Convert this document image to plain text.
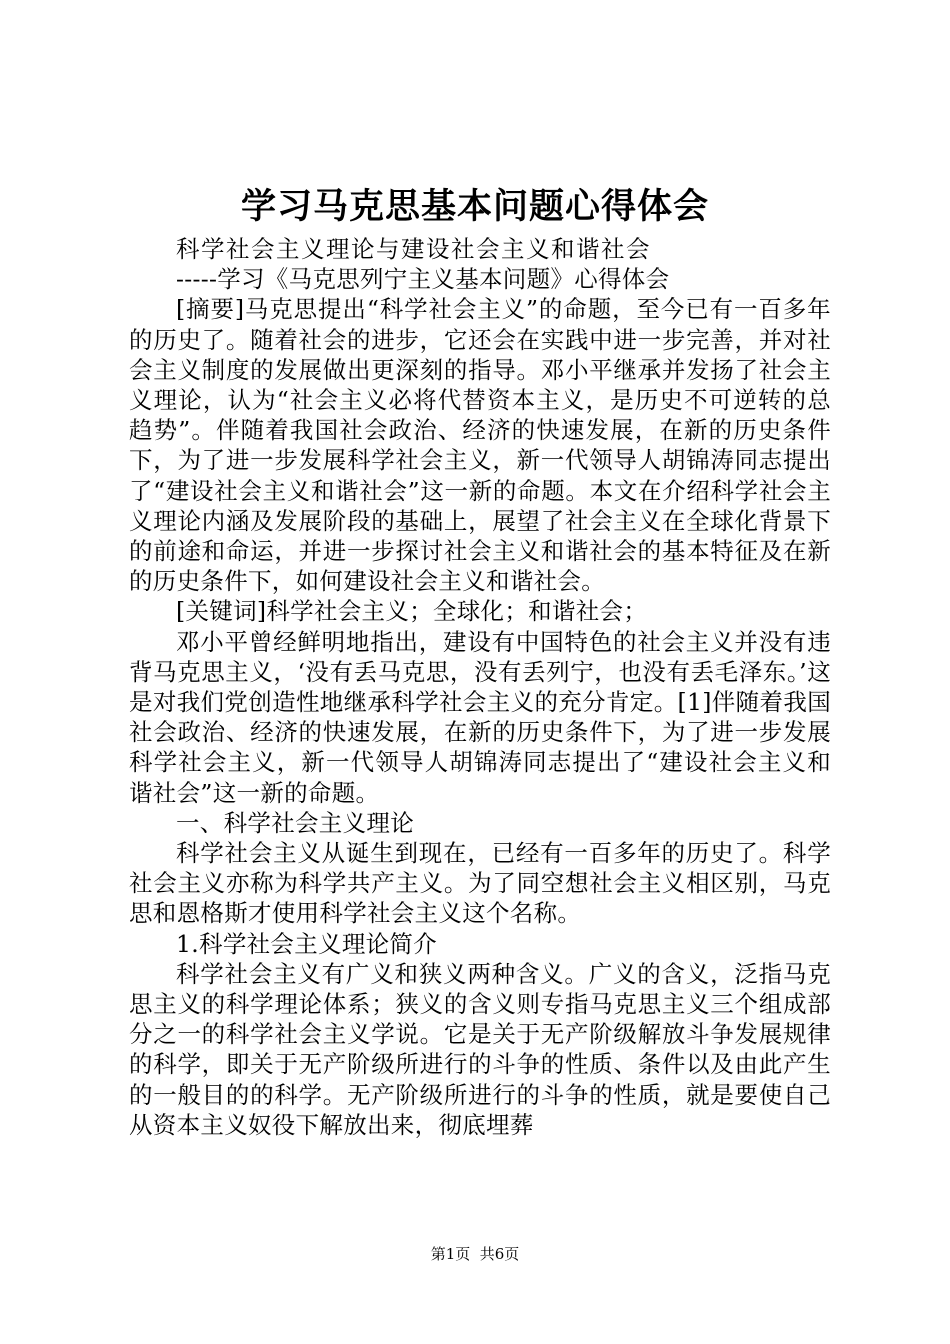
学习马克思基本问题心得体会

科学社会主义理论与建设社会主义和谐社会

-----学习《马克思列宁主义基本问题》心得体会

[摘要]马克思提出“科学社会主义”的命题，至今已有一百多年的历史了。随着社会的进步，它还会在实践中进一步完善，并对社会主义制度的发展做出更深刻的指导。邓小平继承并发扬了社会主义理论，认为“社会主义必将代替资本主义，是历史不可逆转的总趋势”。伴随着我国社会政治、经济的快速发展，在新的历史条件下，为了进一步发展科学社会主义，新一代领导人胡锦涛同志提出了“建设社会主义和谐社会”这一新的命题。本文在介绍科学社会主义理论内涵及发展阶段的基础上，展望了社会主义在全球化背景下的前途和命运，并进一步探讨社会主义和谐社会的基本特征及在新的历史条件下，如何建设社会主义和谐社会。

[关键词]科学社会主义；全球化；和谐社会；

邓小平曾经鲜明地指出，建设有中国特色的社会主义并没有违背马克思主义，‘没有丢马克思，没有丢列宁，也没有丢毛泽东。’这是对我们党创造性地继承科学社会主义的充分肯定。[1]伴随着我国社会政治、经济的快速发展，在新的历史条件下，为了进一步发展科学社会主义，新一代领导人胡锦涛同志提出了“建设社会主义和谐社会”这一新的命题。

一、科学社会主义理论

科学社会主义从诞生到现在，已经有一百多年的历史了。科学社会主义亦称为科学共产主义。为了同空想社会主义相区别，马克思和恩格斯才使用科学社会主义这个名称。

1.科学社会主义理论简介

科学社会主义有广义和狭义两种含义。广义的含义，泛指马克思主义的科学理论体系；狭义的含义则专指马克思主义三个组成部分之一的科学社会主义学说。它是关于无产阶级解放斗争发展规律的科学，即关于无产阶级所进行的斗争的性质、条件以及由此产生的一般目的的科学。无产阶级所进行的斗争的性质，就是要使自己从资本主义奴役下解放出来，彻底埋葬

第1页  共6页
